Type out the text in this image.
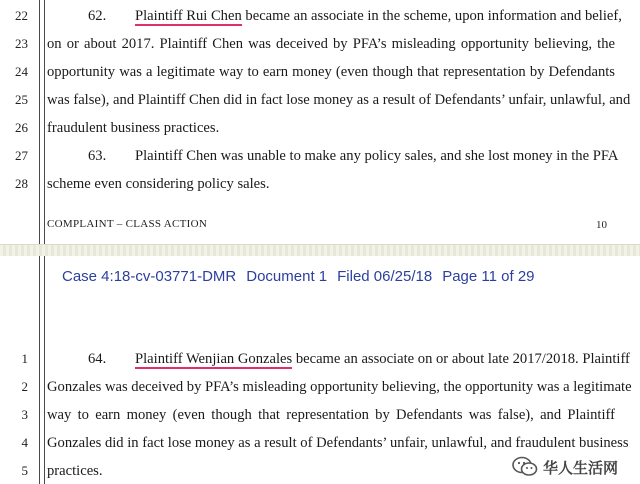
22	62. Plaintiff Rui Chen became an associate in the scheme, upon information and belief,
23 on or about 2017. Plaintiff Chen was deceived by PFA’s misleading opportunity believing, the
24 opportunity was a legitimate way to earn money (even though that representation by Defendants
25 was false), and Plaintiff Chen did in fact lose money as a result of Defendants’ unfair, unlawful, and
26 fraudulent business practices.
27	63. Plaintiff Chen was unable to make any policy sales, and she lost money in the PFA
28 scheme even considering policy sales.
COMPLAINT – CLASS ACTION	10
Case 4:18-cv-03771-DMR Document 1 Filed 06/25/18 Page 11 of 29
1	64. Plaintiff Wenjian Gonzales became an associate on or about late 2017/2018. Plaintiff
2 Gonzales was deceived by PFA’s misleading opportunity believing, the opportunity was a legitimate
3 way to earn money (even though that representation by Defendants was false), and Plaintiff
4 Gonzales did in fact lose money as a result of Defendants’ unfair, unlawful, and fraudulent business
5 practices.	华人生活网
